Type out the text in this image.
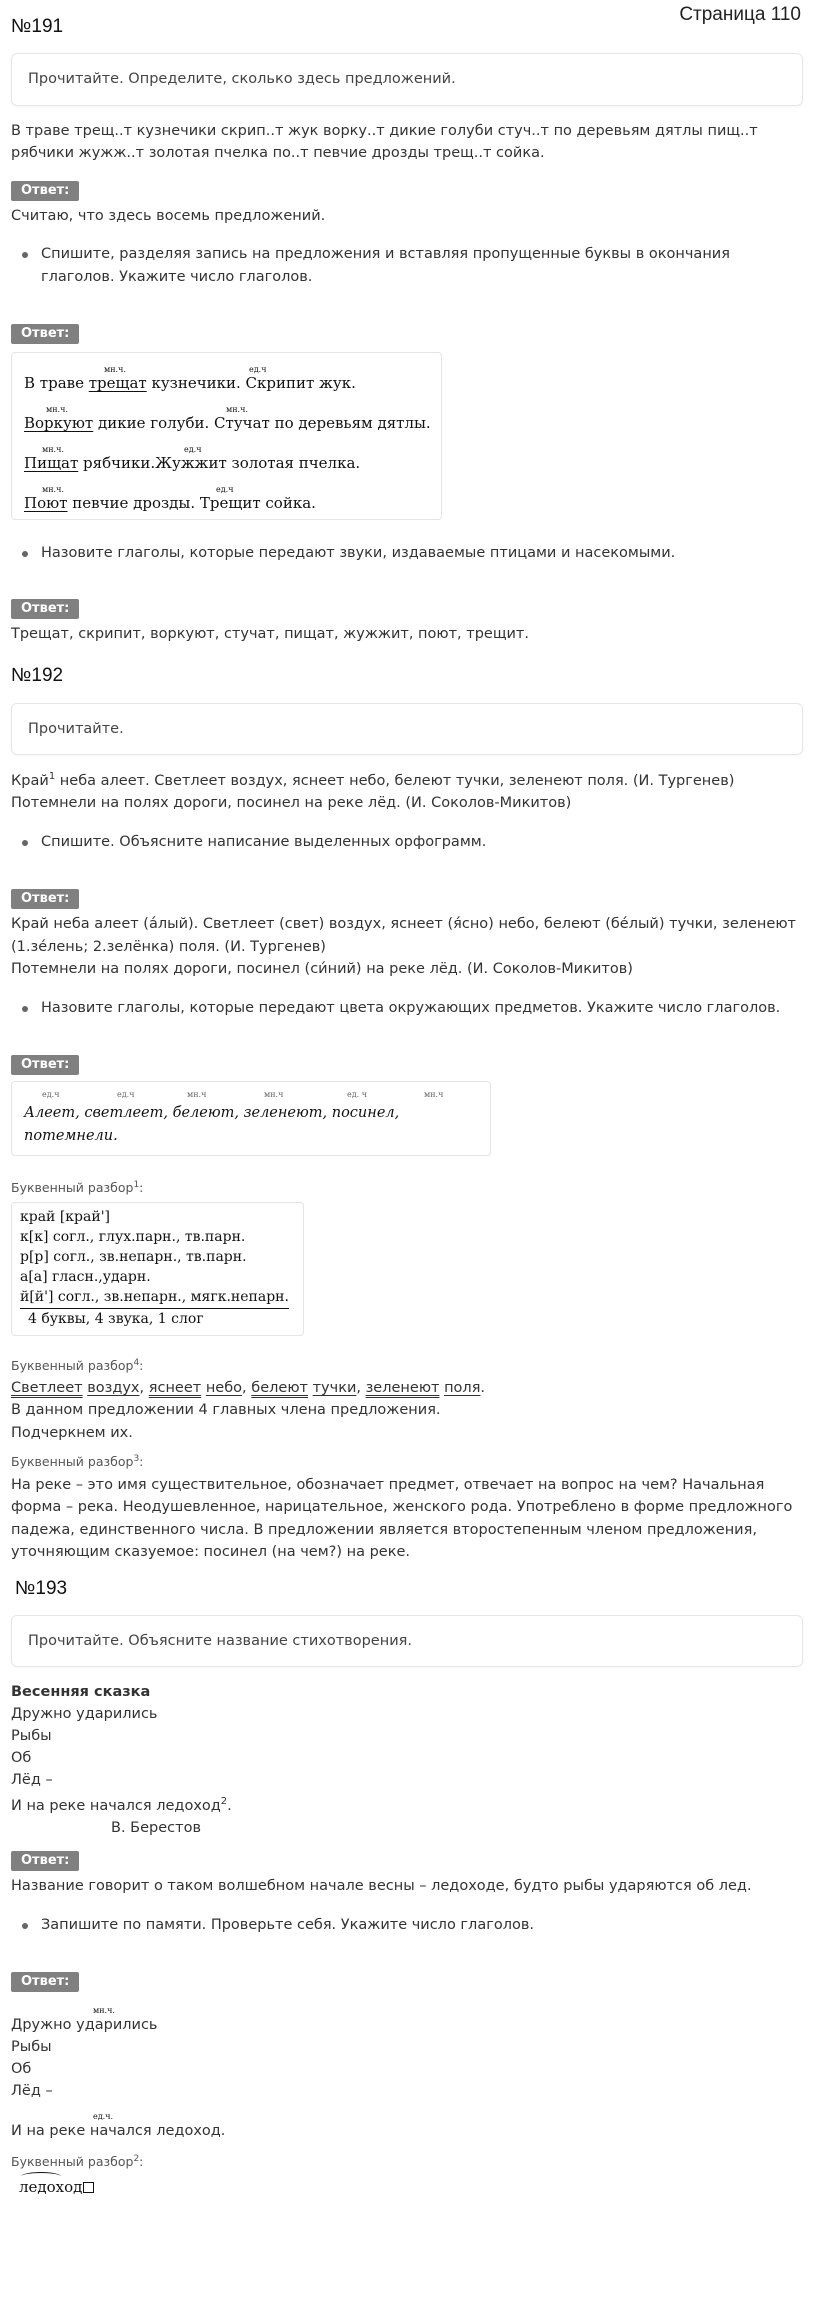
Страница 110
№191
Прочитайте. Определите, сколько здесь предложений.

В траве трещ..т кузнечики скрип..т жук ворку..т дикие голуби стуч..т по деревьям дятлы пищ..т рябчики жужж..т золотая пчелка по..т певчие дрозды трещ..т сойка.

Ответ:

Считаю, что здесь восемь предложений.

Спишите, разделяя запись на предложения и вставляя пропущенные буквы в окончания глаголов. Укажите число глаголов.
Ответ:
мн.ч.	ед.ч
В траве трещат кузнечики. Скрипит жук.
мн.ч.	мн.ч.
Воркуют дикие голуби. Стучат по деревьям дятлы.
мн.ч.	ед.ч
Пищат рябчики.Жужжит золотая пчелка.
мн.ч.	ед.ч
Поют певчие дрозды. Трещит сойка.
Назовите глаголы, которые передают звуки, издаваемые птицами и насекомыми.
Ответ:

Трещат, скрипит, воркуют, стучат, пищат, жужжит, поют, трещит.

№192
Прочитайте.

Край$^1$ неба алеет. Светлеет воздух, яснеет небо, белеют тучки, зеленеют поля. (И. Тургенев)

Потемнели на полях дороги, посинел на реке лёд. (И. Соколов-Микитов)

Спишите. Объясните написание выделенных орфограмм.
Ответ:
Край неба алеет (а́лый). Светлеет (свет) воздух, яснеет (я́сно) небо, белеют (бе́лый) тучки, зеленеют
(1.зе́лень; 2.зелёнка) поля. (И. Тургенев)
Потемнели на полях дороги, посинел (си́ний) на реке лёд. (И. Соколов-Микитов)
Назовите глаголы, которые передают цвета окружающих предметов. Укажите число глаголов.
Ответ:
ед.ч	ед.ч	мн.ч	мн.ч	ед. ч	мн.ч
Алеет, светлеет, белеют, зеленеют, посинел, потемнели.
Буквенный разбор$^1$:
край [край']
к[к] согл., глух.парн., тв.парн.
р[р] согл., зв.непарн., тв.парн.
а[а] гласн.,ударн.
й[й'] согл., зв.непарн., мягк.непарн.
4 буквы, 4 звука, 1 слог
Буквенный разбор$^4$:
Светлеет воздух, яснеет небо, белеют тучки, зеленеют поля.
В данном предложении 4 главных члена предложения.
Подчеркнем их.
Буквенный разбор$^3$:

На реке – это имя существительное, обозначает предмет, отвечает на вопрос на чем? Начальная форма – река. Неодушевленное, нарицательное, женского рода. Употреблено в форме предложного падежа, единственного числа. В предложении является второстепенным членом предложения, уточняющим сказуемое: посинел (на чем?) на реке.

№193
Прочитайте. Объясните название стихотворения.
Весенняя сказка
Дружно ударились
Рыбы
Об
Лёд –
И на реке начался ледоход$^2$.
В. Берестов
Ответ:

Название говорит о таком волшебном начале весны – ледоходе, будто рыбы ударяются об лед.

Запишите по памяти. Проверьте себя. Укажите число глаголов.
Ответ:
мн.ч.
Дружно ударились
Рыбы
Об
Лёд –
ед.ч.
И на реке начался ледоход.
Буквенный разбор$^2$:
ледоход
